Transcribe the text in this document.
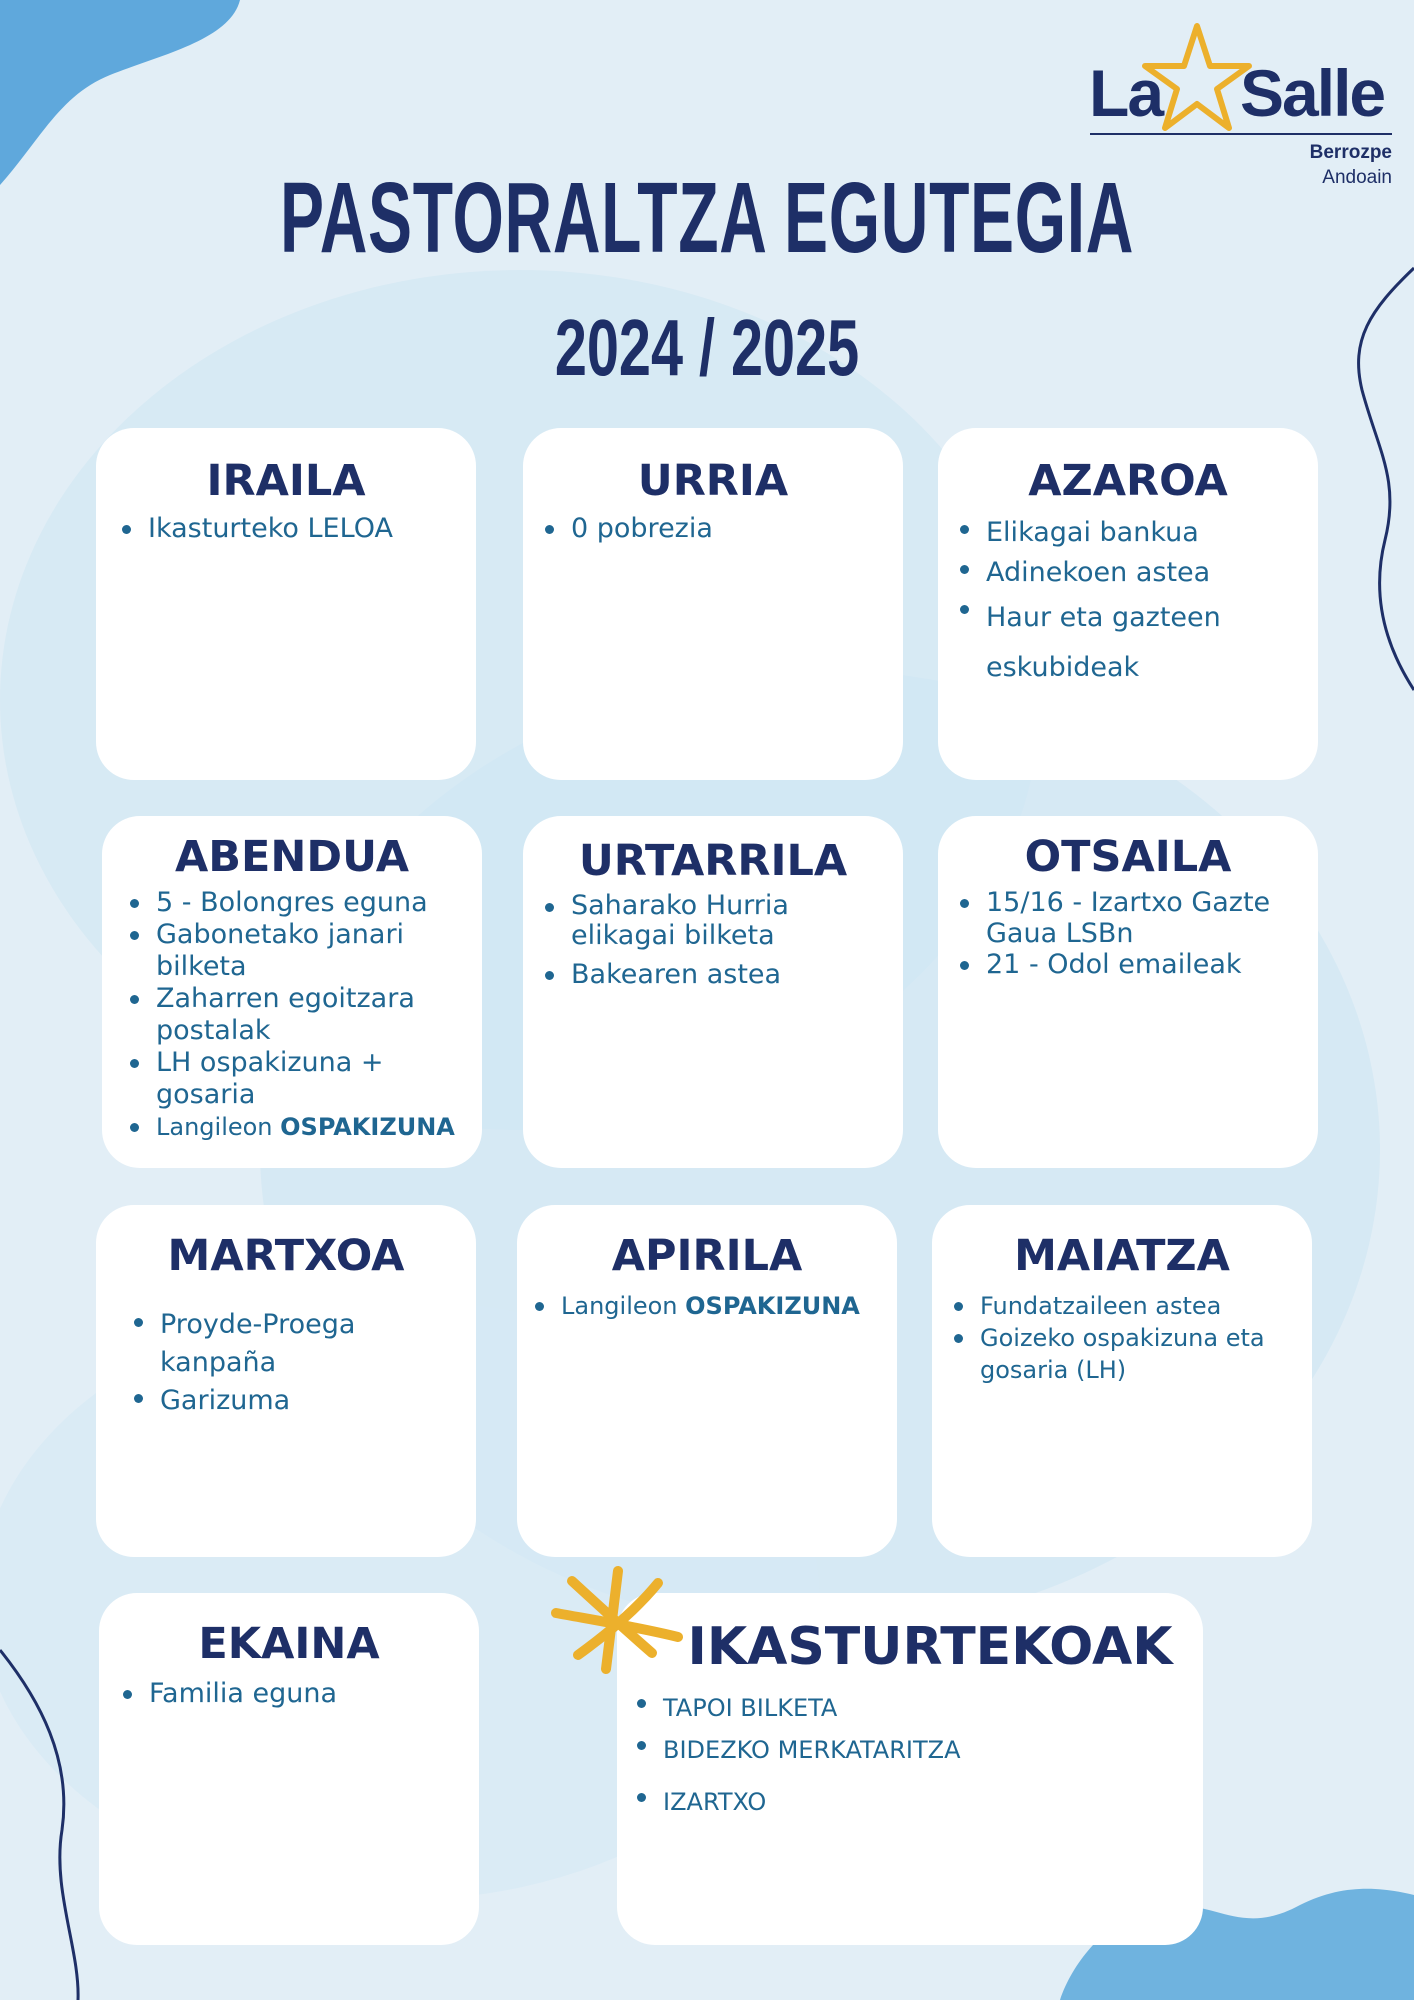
La Salle
Berrozpe
Andoain
PASTORALTZA EGUTEGIA
2024 / 2025
IRAILA
Ikasturteko LELOA
URRIA
0 pobrezia
AZAROA
Elikagai bankua
Adinekoen astea
Haur eta gazteen
eskubideak
ABENDUA
5 - Bolongres eguna
Gabonetako janari
bilketa
Zaharren egoitzara
postalak
LH ospakizuna +
gosaria
Langileon OSPAKIZUNA
URTARRILA
Saharako Hurria
elikagai bilketa
Bakearen astea
OTSAILA
15/16 - Izartxo Gazte
Gaua LSBn
21 - Odol emaileak
MARTXOA
Proyde-Proega
kanpaña
Garizuma
APIRILA
Langileon OSPAKIZUNA
MAIATZA
Fundatzaileen astea
Goizeko ospakizuna eta
gosaria (LH)
EKAINA
Familia eguna
IKASTURTEKOAK
TAPOI BILKETA
BIDEZKO MERKATARITZA
IZARTXO
